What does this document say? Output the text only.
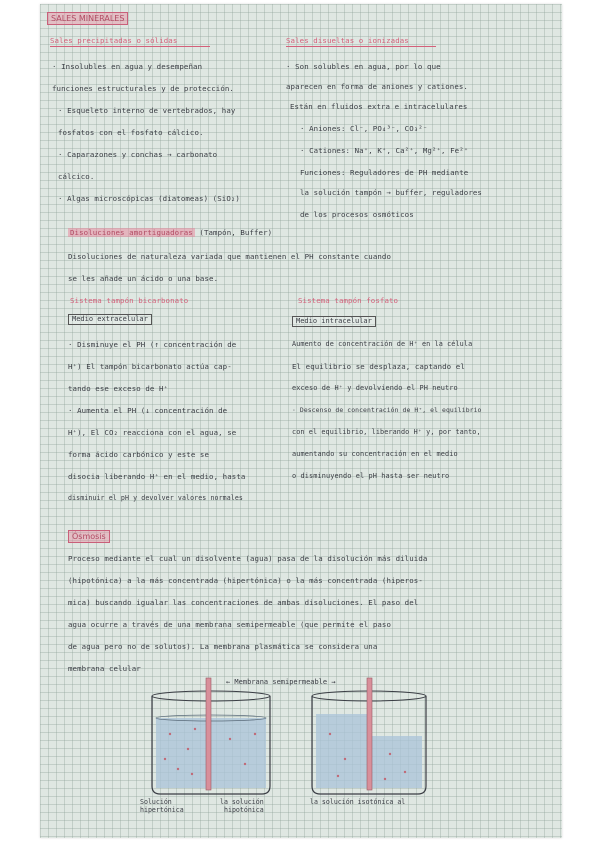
SALES MINERALES
Sales precipitadas o sólidas
· Insolubles en agua y desempeñan
funciones estructurales y de protección.
· Esqueleto interno de vertebrados, hay
fosfatos con el fosfato cálcico.
· Caparazones y conchas → carbonato
cálcico.
· Algas microscópicas (diatomeas) (SiO₂)
Sales disueltas o ionizadas
· Son solubles en agua, por lo que
aparecen en forma de aniones y cationes.
Están en fluidos extra e intracelulares
· Aniones: Cl⁻, PO₄³⁻, CO₃²⁻
· Cationes: Na⁺, K⁺, Ca²⁺, Mg²⁺, Fe²⁺
Funciones: Reguladores de PH mediante
la solución tampón → buffer, reguladores
de los procesos osmóticos
Disoluciones amortiguadoras (Tampón, Buffer)
Disoluciones de naturaleza variada que mantienen el PH constante cuando
se les añade un ácido o una base.
Sistema tampón bicarbonato
Medio extracelular
· Disminuye el PH (↑ concentración de
H⁺) El tampón bicarbonato actúa cap-
tando ese exceso de H⁺
· Aumenta el PH (↓ concentración de
H⁺), El CO₂ reacciona con el agua, se
forma ácido carbónico y este se
disocia liberando H⁺ en el medio, hasta
disminuir el pH y devolver valores normales
Sistema tampón fosfato
Medio intracelular
Aumento de concentración de H⁺ en la célula
El equilibrio se desplaza, captando el
exceso de H⁺ y devolviendo el PH neutro
· Descenso de concentración de H⁺, el equilibrio
con el equilibrio, liberando H⁺ y, por tanto,
aumentando su concentración en el medio
o disminuyendo el pH hasta ser neutro
Ósmosis
Proceso mediante el cual un disolvente (agua) pasa de la disolución más diluida
(hipotónica) a la más concentrada (hipertónica) o la más concentrada (hiperos-
mica) buscando igualar las concentraciones de ambas disoluciones. El paso del
agua ocurre a través de una membrana semipermeable (que permite el paso
de agua pero no de solutos). La membrana plasmática se considera una
membrana celular
← Membrana semipermeable →
Solución
hipertónica
la solución
hipotónica
la solución isotónica al
